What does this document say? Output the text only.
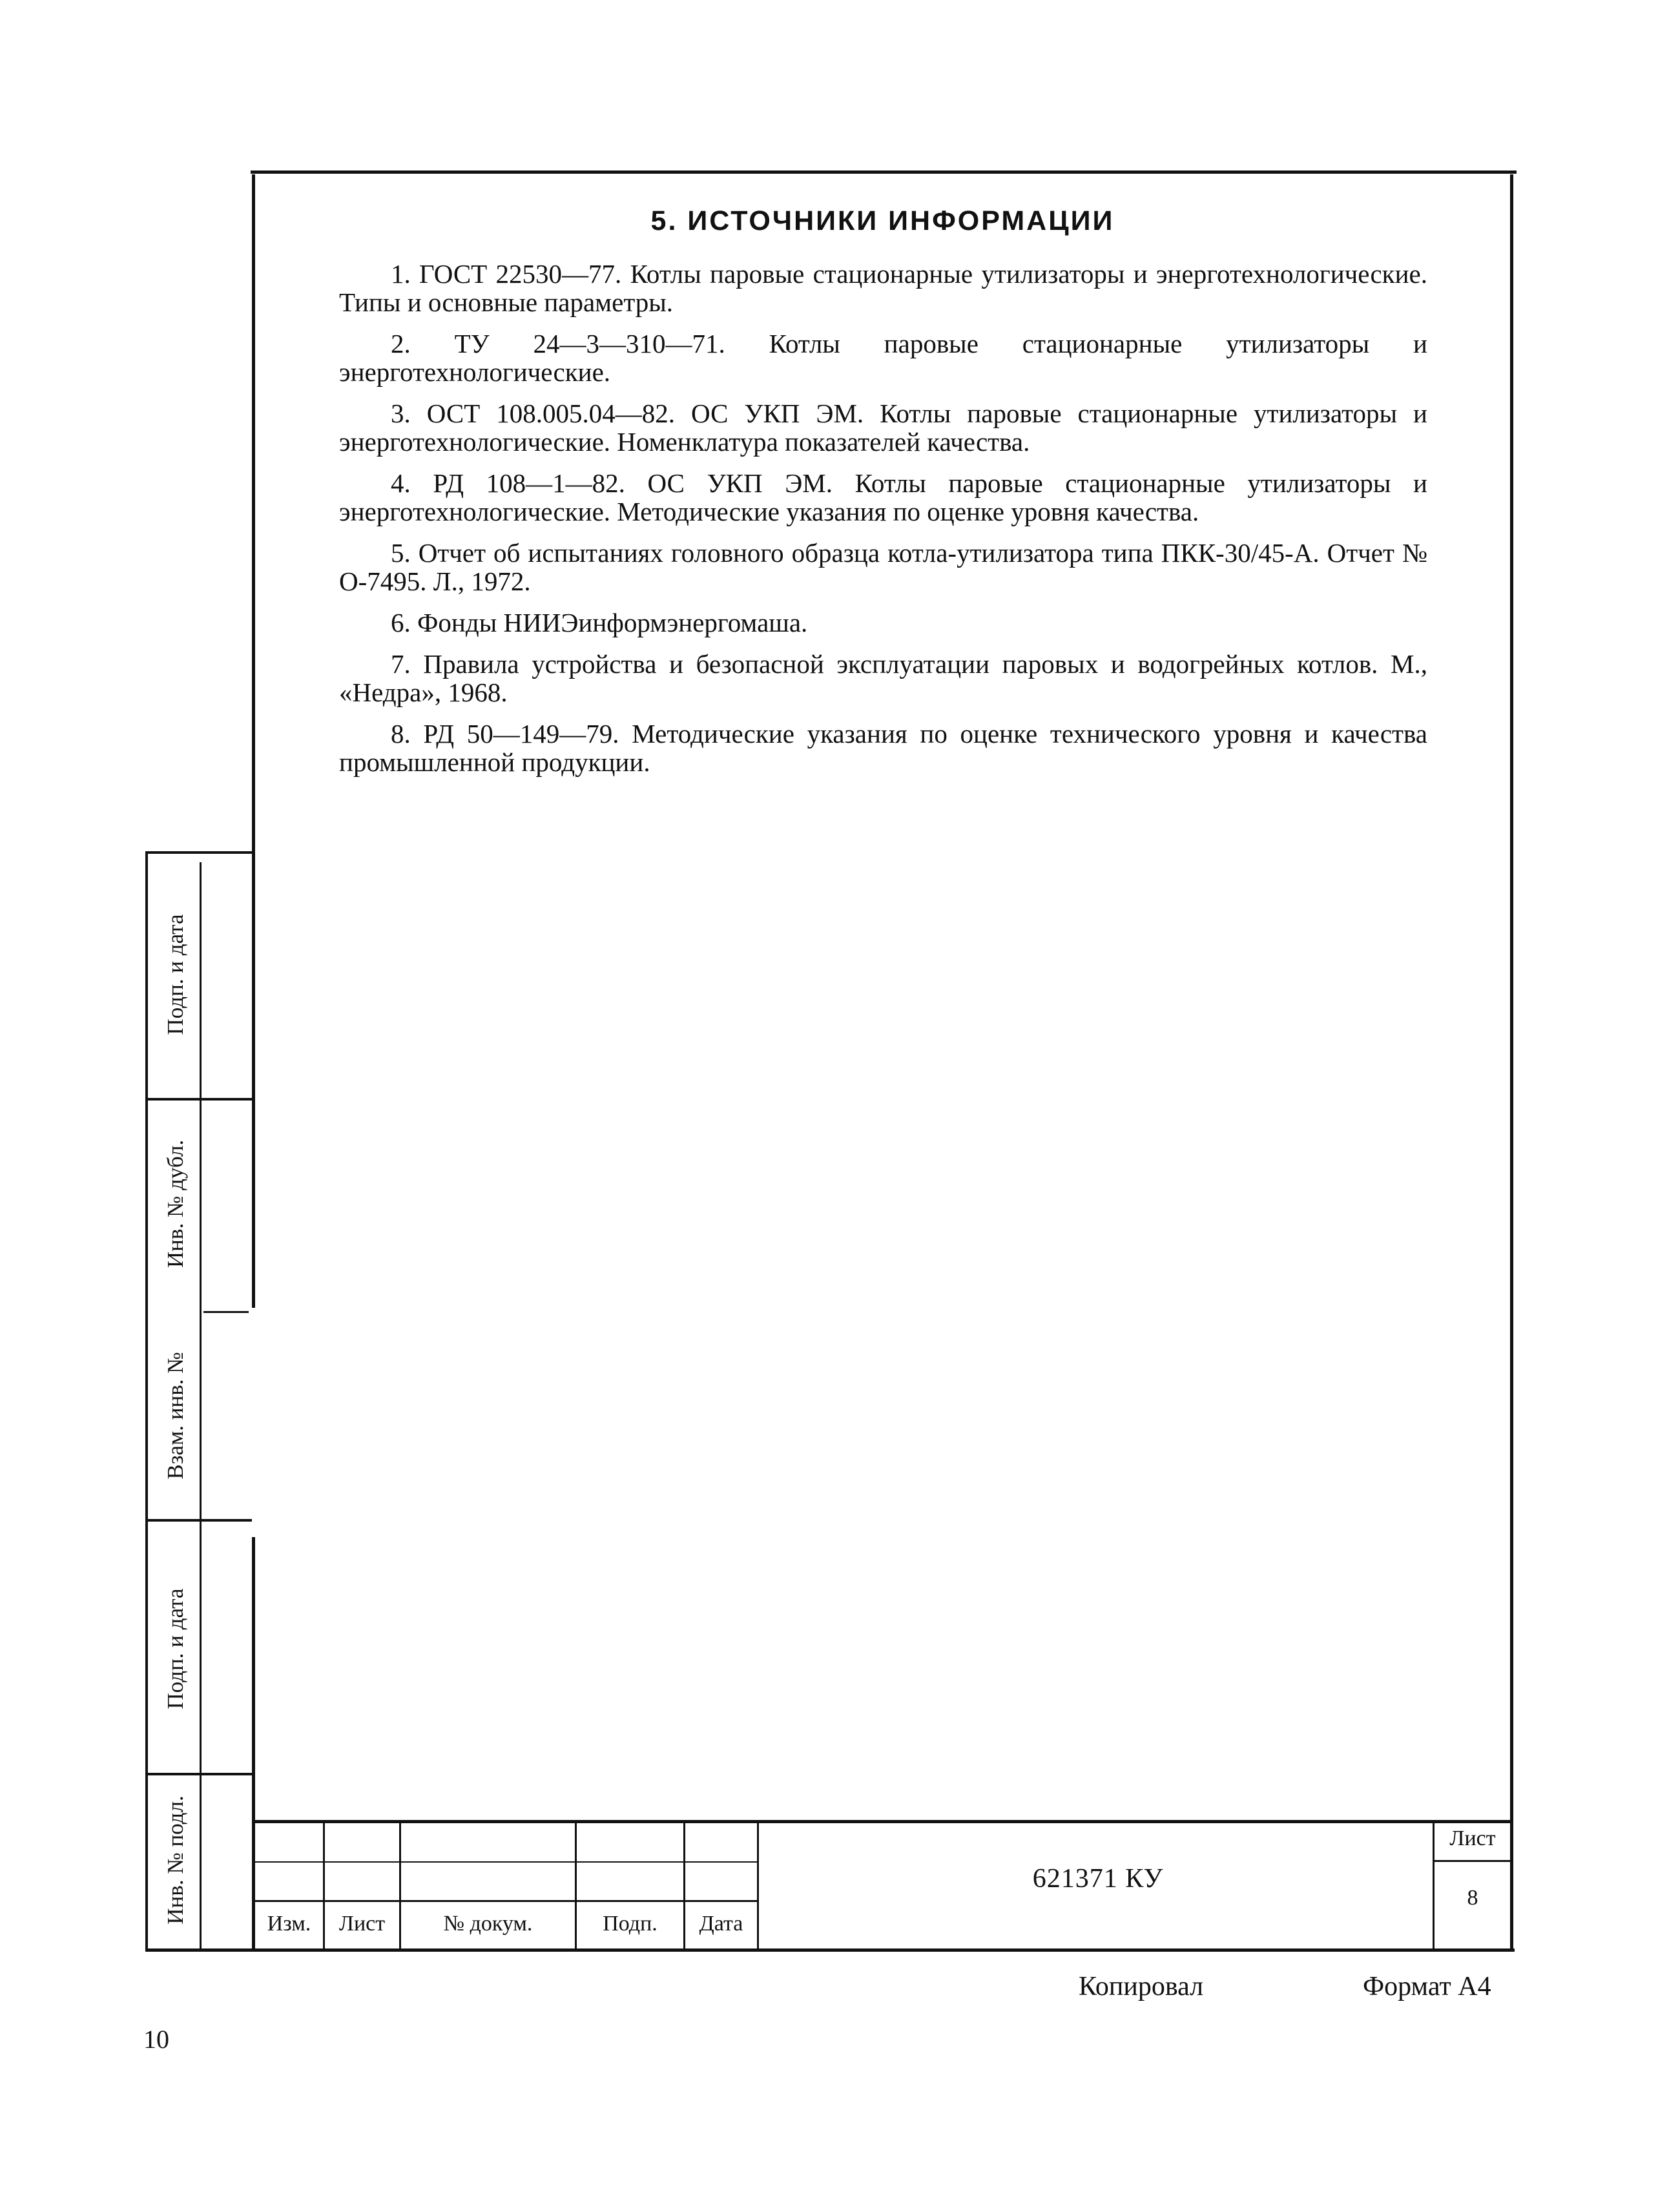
5. ИСТОЧНИКИ ИНФОРМАЦИИ
1. ГОСТ 22530—77. Котлы паровые стационарные утилизаторы и энерготехнологические. Типы и основные параметры.
2. ТУ 24—3—310—71. Котлы паровые стационарные утилизаторы и энерготехнологические.
3. ОСТ 108.005.04—82. ОС УКП ЭМ. Котлы паровые стационарные утилизаторы и энерготехнологические. Номенклатура показателей качества.
4. РД 108—1—82. ОС УКП ЭМ. Котлы паровые стационарные утилизаторы и энерготехнологические. Методические указания по оценке уровня качества.
5. Отчет об испытаниях головного образца котла-утилизатора типа ПКК-30/45-А. Отчет № О-7495. Л., 1972.
6. Фонды НИИЭинформэнергомаша.
7. Правила устройства и безопасной эксплуатации паровых и водогрейных котлов. М., «Недра», 1968.
8. РД 50—149—79. Методические указания по оценке технического уровня и качества промышленной продукции.
Подп. и дата
Инв. № дубл.
Взам. инв. №
Подп. и дата
Инв. № подл.	Изм.	Лист	№ докум.	Подп.	Дата
621371 КУ
Лист
8
Копировал	Формат А4
10
